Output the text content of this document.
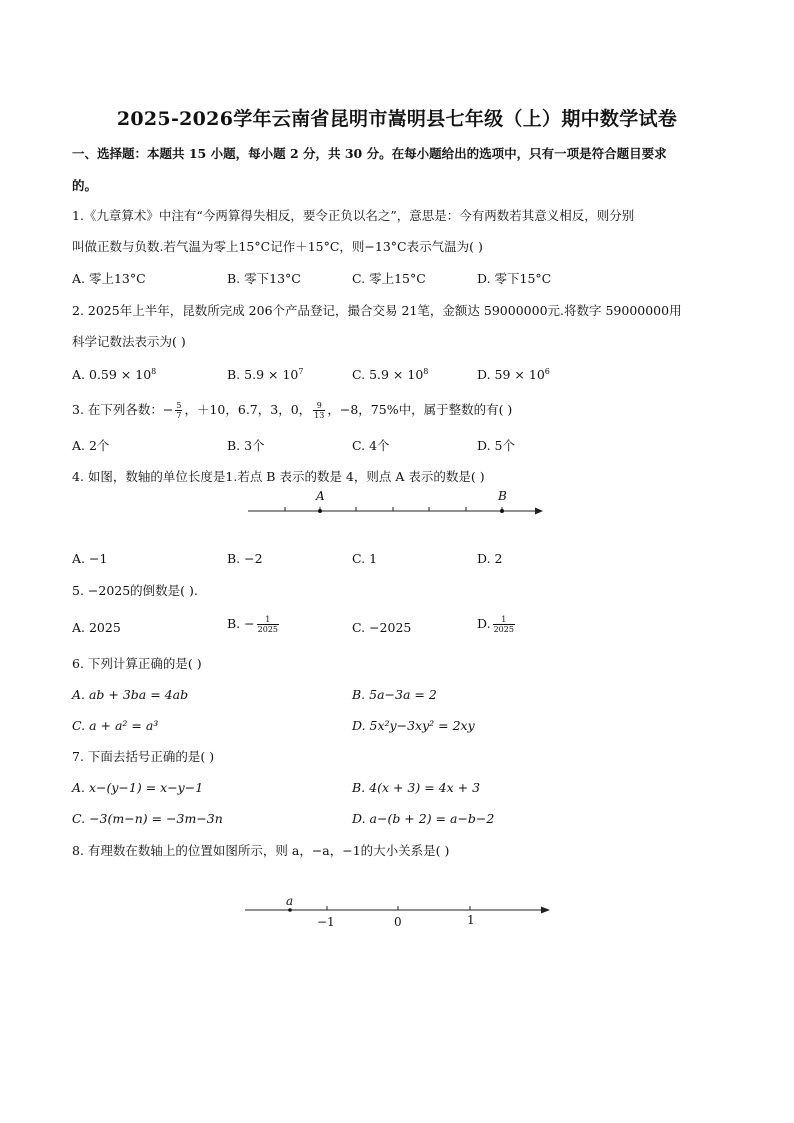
2025-2026学年云南省昆明市嵩明县七年级（上）期中数学试卷
一、选择题：本题共 15 小题，每小题 2 分，共 30 分。在每小题给出的选项中，只有一项是符合题目要求
的。
1.《九章算术》中注有“今两算得失相反，要令正负以名之”，意思是：今有两数若其意义相反，则分别
叫做正数与负数.若气温为零上15°C记作＋15°C，则−13°C表示气温为( )
A. 零上13°C	B. 零下13°C	C. 零上15°C	D. 零下15°C
2. 2025年上半年，昆数所完成 206个产品登记，撮合交易 21笔，金额达 59000000元.将数字 59000000用
科学记数法表示为( )
A. $0.59 \times 10^8$	B. $5.9 \times 10^7$	C. $5.9 \times 10^8$	D. $59 \times 10^6$
3. 在下列各数：− $\frac{5}{7}$ ，＋10，6.7，3，0， $\frac{9}{13}$ ，−8，75%中，属于整数的有( )
A. 2个	B. 3个	C. 4个	D. 5个
4. 如图，数轴的单位长度是1.若点 B 表示的数是 4，则点 A 表示的数是( )
A	B
A. −1	B. −2	C. 1	D. 2
5. −2025的倒数是( ).
A. 2025	B. − $\frac{1}{2025}$	C. −2025	D. $\frac{1}{2025}$
6. 下列计算正确的是( )
A. ab + 3ba = 4ab	B. 5a−3a = 2
C. a + a² = a³	D. 5x²y−3xy² = 2xy
7. 下面去括号正确的是( )
A. x−(y−1) = x−y−1	B. 4(x + 3) = 4x + 3
C. −3(m−n) = −3m−3n	D. a−(b + 2) = a−b−2
8. 有理数在数轴上的位置如图所示，则 a，−a，−1的大小关系是( )
a
−1	0	1
